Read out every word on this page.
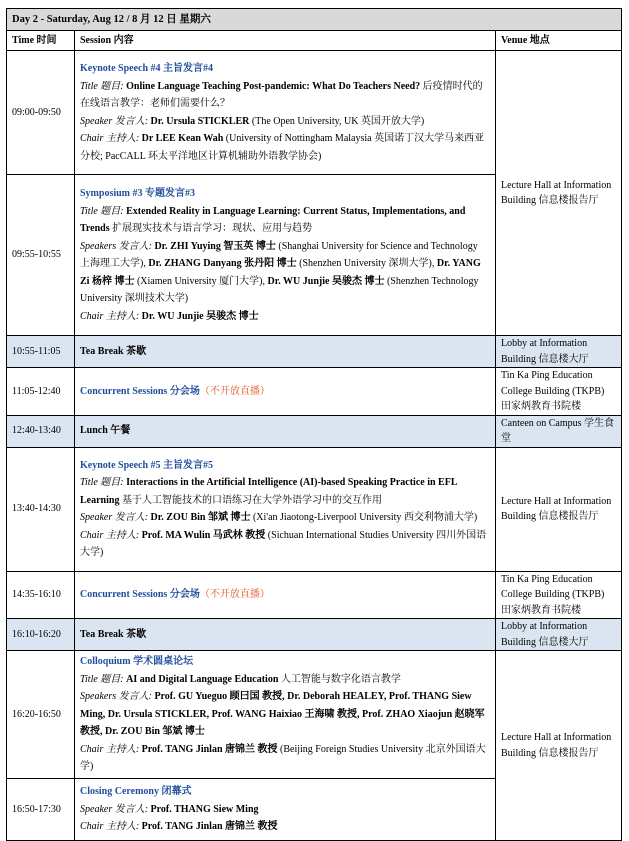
Day 2 - Saturday, Aug 12 / 8 月 12 日 星期六		
Time 时间	Session 内容	Venue 地点
09:00-09:50	Keynote Speech #4 主旨发言#4
Title 题目: Online Language Teaching Post-pandemic: What Do Teachers Need? 后疫情时代的在线语言教学：老师们需要什么？
Speaker 发言人: Dr. Ursula STICKLER (The Open University, UK 英国开放大学)
Chair 主持人: Dr LEE Kean Wah (University of Nottingham Malaysia 英国诺丁汉大学马来西亚分校; PacCALL 环太平洋地区计算机辅助外语教学协会)	Lecture Hall at Information Building 信息楼报告厅
09:55-10:55	Symposium #3 专题发言#3
Title 题目: Extended Reality in Language Learning: Current Status, Implementations, and Trends 扩展现实技术与语言学习：现状、应用与趋势
Speakers 发言人: Dr. ZHI Yuying 智玉英 博士 (Shanghai University for Science and Technology 上海理工大学), Dr. ZHANG Danyang 张丹阳 博士 (Shenzhen University 深圳大学), Dr. YANG Zi 杨梓 博士 (Xiamen University 厦门大学), Dr. WU Junjie 吴骏杰 博士 (Shenzhen Technology University 深圳技术大学)
Chair 主持人: Dr. WU Junjie 吴骏杰 博士	

10:55-11:05	Tea Break 茶歇	Lobby at Information Building 信息楼大厅
11:05-12:40	Concurrent Sessions 分会场（不开放直播）	Tin Ka Ping Education College Building (TKPB) 田家炳教育书院楼
12:40-13:40	Lunch 午餐	Canteen on Campus 学生食堂
13:40-14:30	Keynote Speech #5 主旨发言#5
Title 题目: Interactions in the Artificial Intelligence (AI)-based Speaking Practice in EFL Learning 基于人工智能技术的口语练习在大学外语学习中的交互作用
Speaker 发言人: Dr. ZOU Bin 邹斌 博士 (Xi'an Jiaotong-Liverpool University 西交利物浦大学)
Chair 主持人: Prof. MA Wulin 马武林 教授 (Sichuan International Studies University 四川外国语大学)	Lecture Hall at Information Building 信息楼报告厅
14:35-16:10	Concurrent Sessions 分会场（不开放直播）	Tin Ka Ping Education College Building (TKPB) 田家炳教育书院楼
16:10-16:20	Tea Break 茶歇	Lobby at Information Building 信息楼大厅
16:20-16:50	Colloquium 学术圆桌论坛
Title 题目: AI and Digital Language Education 人工智能与数字化语言教学
Speakers 发言人: Prof. GU Yueguo 顾曰国 教授, Dr. Deborah HEALEY, Prof. THANG Siew Ming, Dr. Ursula STICKLER, Prof. WANG Haixiao 王海啸 教授, Prof. ZHAO Xiaojun 赵晓军 教授, Dr. ZOU Bin 邹斌 博士
Chair 主持人: Prof. TANG Jinlan 唐锦兰 教授 (Beijing Foreign Studies University 北京外国语大学)	Lecture Hall at Information Building 信息楼报告厅
16:50-17:30	Closing Ceremony 闭幕式
Speaker 发言人: Prof. THANG Siew Ming
Chair 主持人: Prof. TANG Jinlan 唐锦兰 教授	
